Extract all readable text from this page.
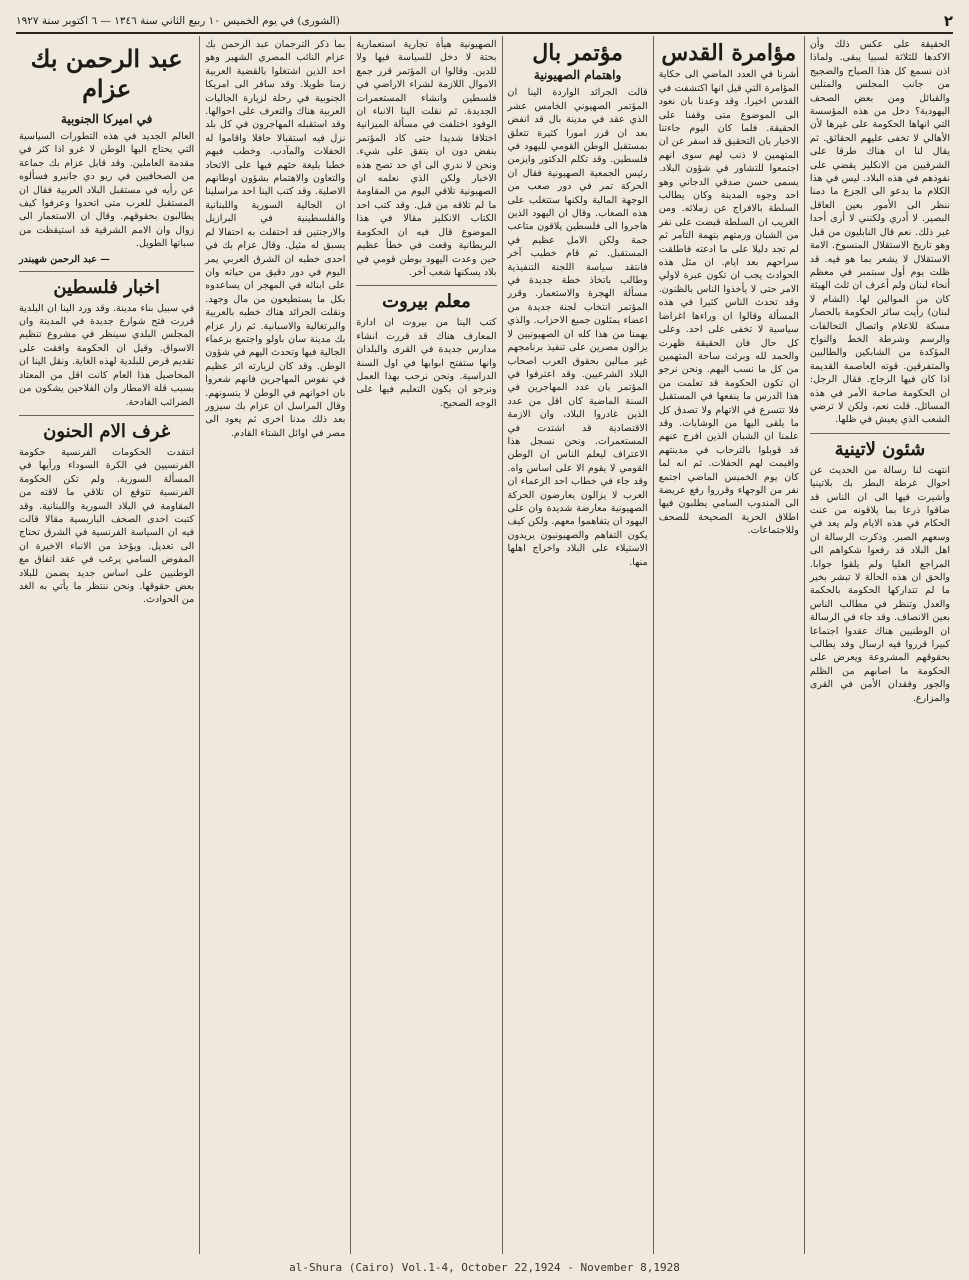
٢
(الشورى) في يوم الخميس ١٠ ربيع الثاني سنة ١٣٤٦ — ٦ اكتوبر سنة ١٩٢٧

الحقيقة على عكس ذلك وأن الاكدها للثلاثة لسبيا يبقى. ولماذا اذن نسمع كل هذا الصياح والضجيج من جانب المجلس والمتلين والقبائل ومن بعض الصحف اليهودية؟ دخل من هذه المؤسسة التي انهاها الحكومة على غيرها لأن الأهالي لا تخفى عليهم الحقائق. ثم يقال لنا ان هناك طرقا على الشرقيين من الانكليز يقضي على نفوذهم في هذه البلاد. ليس في هذا الكلام ما يدعو الى الجزع ما دمنا ننظر الى الأمور بعين العاقل البصير. لا أدري ولكنني لا أرى أحدا غير ذلك. نعم قال النابليون من قبل وهو تاريخ الاستقلال المنسوخ. الامة الاستقلال لا يشعر بما هو فيه. قد ظلت يوم أول سبتمبر في معظم أنحاء لبنان ولم أعرف ان ثلث الهيئة كان من الموالين لها. (الشام لا لبنان) رأيت سائر الحكومة بالحصار مسكة للاعلام واتصال التحالفات والرسم وشرطة الخط والنواح المؤكدة من الشابكين والطالبين والمتفرقين. قوته العاصمة القديمة اذا كان فيها الزجاج. فقال الرجل: ان الحكومة صاحبة الأمر في هذه المسائل. قلت نعم، ولكن لا ترضي الشعب الذي يعيش في ظلها.

شئون لاتينية

انتهت لنا رسالة من الحديث عن احوال غرطة البطر بك بلاتينيا وأشيرت فيها الى ان الناس قد ضاقوا ذرعا بما يلاقونه من عنت الحكام في هذه الايام ولم يعد في وسعهم الصبر. وذكرت الرسالة ان اهل البلاد قد رفعوا شكواهم الى المراجع العليا ولم يلقوا جوابا. والحق ان هذه الحالة لا تبشر بخير ما لم تتداركها الحكومة بالحكمة والعدل وتنظر في مطالب الناس بعين الانصاف. وقد جاء في الرسالة ان الوطنيين هناك عقدوا اجتماعا كبيرا قرروا فيه ارسال وفد يطالب بحقوقهم المشروعة ويعرض على الحكومة ما اصابهم من الظلم والجور وفقدان الأمن في القرى والمزارع.

مؤامرة القدس

أشرنا في العدد الماضي الى حكاية المؤامرة التي قيل انها اكتشفت في القدس اخيرا. وقد وعدنا بان نعود الى الموضوع متى وقفنا على الحقيقة. فلما كان اليوم جاءتنا الاخبار بان التحقيق قد اسفر عن ان المتهمين لا ذنب لهم سوى انهم اجتمعوا للتشاور في شؤون البلاد. يسمى حسن صدقي الدجاني وهو احد وجوه المدينة وكان يطالب السلطة بالافراج عن زملائه. ومن الغريب ان السلطة قبضت على نفر من الشبان ورمتهم بتهمة التآمر ثم لم تجد دليلا على ما ادعته فاطلقت سراحهم بعد ايام. ان مثل هذه الحوادث يجب ان تكون عبرة لاولي الامر حتى لا يأخذوا الناس بالظنون. وقد تحدث الناس كثيرا في هذه المسألة وقالوا ان وراءها اغراضا سياسية لا تخفى على احد. وعلى كل حال فان الحقيقة ظهرت والحمد لله وبرئت ساحة المتهمين من كل ما نسب اليهم. ونحن نرجو ان تكون الحكومة قد تعلمت من هذا الدرس ما ينفعها في المستقبل فلا تتسرع في الاتهام ولا تصدق كل ما يلقى اليها من الوشايات. وقد علمنا ان الشبان الذين افرج عنهم قد قوبلوا بالترحاب في مدينتهم واقيمت لهم الحفلات. ثم انه لما كان يوم الخميس الماضي اجتمع نفر من الوجهاء وقرروا رفع عريضة الى المندوب السامي يطلبون فيها اطلاق الحرية الصحيحة للصحف وللاجتماعات.

مؤتمر بال
واهتمام الصهيونية

قالت الجرائد الواردة الينا ان المؤتمر الصهيوني الخامس عشر الذي عقد في مدينة بال قد انفض بعد ان قرر امورا كثيرة تتعلق بمستقبل الوطن القومي لليهود في فلسطين. وقد تكلم الدكتور وايزمن رئيس الجمعية الصهيونية فقال ان الحركة تمر في دور صعب من الوجهة المالية ولكنها ستتغلب على هذه الصعاب. وقال ان اليهود الذين هاجروا الى فلسطين يلاقون متاعب جمة ولكن الامل عظيم في المستقبل. ثم قام خطيب آخر فانتقد سياسة اللجنة التنفيذية وطالب باتخاذ خطة جديدة في مسألة الهجرة والاستعمار. وقرر المؤتمر انتخاب لجنة جديدة من اعضاء يمثلون جميع الاحزاب. والذي يهمنا من هذا كله ان الصهيونيين لا يزالون مصرين على تنفيذ برنامجهم غير مبالين بحقوق العرب اصحاب البلاد الشرعيين. وقد اعترفوا في المؤتمر بان عدد المهاجرين في السنة الماضية كان اقل من عدد الذين غادروا البلاد، وان الازمة الاقتصادية قد اشتدت في المستعمرات. ونحن نسجل هذا الاعتراف ليعلم الناس ان الوطن القومي لا يقوم الا على اساس واه. وقد جاء في خطاب احد الزعماء ان العرب لا يزالون يعارضون الحركة الصهيونية معارضة شديدة وان على اليهود ان يتفاهموا معهم. ولكن كيف يكون التفاهم والصهيونيون يريدون الاستيلاء على البلاد واخراج اهلها منها.

الصهيونية هيأة تجارية استعمارية بحتة لا دخل للسياسة فيها ولا للدين. وقالوا ان المؤتمر قرر جمع الاموال اللازمة لشراء الاراضي في فلسطين وانشاء المستعمرات الجديدة. ثم نقلت الينا الانباء ان الوفود اختلفت في مسألة الميزانية اختلافا شديدا حتى كاد المؤتمر ينفض دون ان يتفق على شيء. ونحن لا ندري الى اي حد تصح هذه الاخبار ولكن الذي نعلمه ان الصهيونية تلاقي اليوم من المقاومة ما لم تلاقه من قبل. وقد كتب احد الكتاب الانكليز مقالا في هذا الموضوع قال فيه ان الحكومة البريطانية وقعت في خطأ عظيم حين وعدت اليهود بوطن قومي في بلاد يسكنها شعب آخر.

معلم بيروت

كتب الينا من بيروت ان ادارة المعارف هناك قد قررت انشاء مدارس جديدة في القرى والبلدان وانها ستفتح ابوابها في اول السنة الدراسية. ونحن نرحب بهذا العمل ونرجو ان يكون التعليم فيها على الوجه الصحيح.

بما ذكر الترجمان عبد الرحمن بك عزام النائب المصري الشهير وهو احد الذين اشتغلوا بالقضية العربية زمنا طويلا. وقد سافر الى امريكا الجنوبية في رحلة لزيارة الجاليات العربية هناك والتعرف على احوالها. وقد استقبله المهاجرون في كل بلد نزل فيه استقبالا حافلا واقاموا له الحفلات والمآدب. وخطب فيهم خطبا بليغة حثهم فيها على الاتحاد والتعاون والاهتمام بشؤون اوطانهم الاصلية. وقد كتب الينا احد مراسلينا ان الجالية السورية واللبنانية والفلسطينية في البرازيل والارجنتين قد احتفلت به احتفالا لم يسبق له مثيل. وقال عزام بك في احدى خطبه ان الشرق العربي يمر اليوم في دور دقيق من حياته وان على ابنائه في المهجر ان يساعدوه بكل ما يستطيعون من مال وجهد. ونقلت الجرائد هناك خطبه بالعربية والبرتغالية والاسبانية. ثم زار عزام بك مدينة سان باولو واجتمع بزعماء الجالية فيها وتحدث اليهم في شؤون الوطن. وقد كان لزيارته اثر عظيم في نفوس المهاجرين فانهم شعروا بان اخوانهم في الوطن لا ينسونهم. وقال المراسل ان عزام بك سيزور بعد ذلك مدنا اخرى ثم يعود الى مصر في اوائل الشتاء القادم.

عبد الرحمن بك عزام
في اميركا الجنوبية

العالم الجديد في هذه التطورات السياسية التي يحتاج اليها الوطن لا غرو اذا كثر في مقدمة العاملين. وقد قابل عزام بك جماعة من الصحافيين في ريو دي جانيرو فسألوه عن رأيه في مستقبل البلاد العربية فقال ان المستقبل للعرب متى اتحدوا وعرفوا كيف يطالبون بحقوقهم. وقال ان الاستعمار الى زوال وان الامم الشرقية قد استيقظت من سباتها الطويل.

— عبد الرحمن شهبندر
اخبار فلسطين

في سبيل بناء مدينة. وقد ورد الينا ان البلدية قررت فتح شوارع جديدة في المدينة وان المجلس البلدي سينظر في مشروع تنظيم الاسواق. وقيل ان الحكومة وافقت على تقديم قرض للبلدية لهذه الغاية. ونقل الينا ان المحاصيل هذا العام كانت اقل من المعتاد بسبب قلة الامطار وان الفلاحين يشكون من الضرائب الفادحة.

غرف الام الحنون

انتقدت الحكومات الفرنسية حكومة الفرنسيين في الكرة السوداء ورأيها في المسألة السورية. ولم تكن الحكومة الفرنسية تتوقع ان تلاقي ما لاقته من المقاومة في البلاد السورية واللبنانية. وقد كتبت احدى الصحف الباريسية مقالا قالت فيه ان السياسة الفرنسية في الشرق تحتاج الى تعديل. ويؤخذ من الانباء الاخيرة ان المفوض السامي يرغب في عقد اتفاق مع الوطنيين على اساس جديد يضمن للبلاد بعض حقوقها. ونحن ننتظر ما يأتي به الغد من الحوادث.

al-Shura (Cairo) Vol.1-4, October 22,1924 - November 8,1928
